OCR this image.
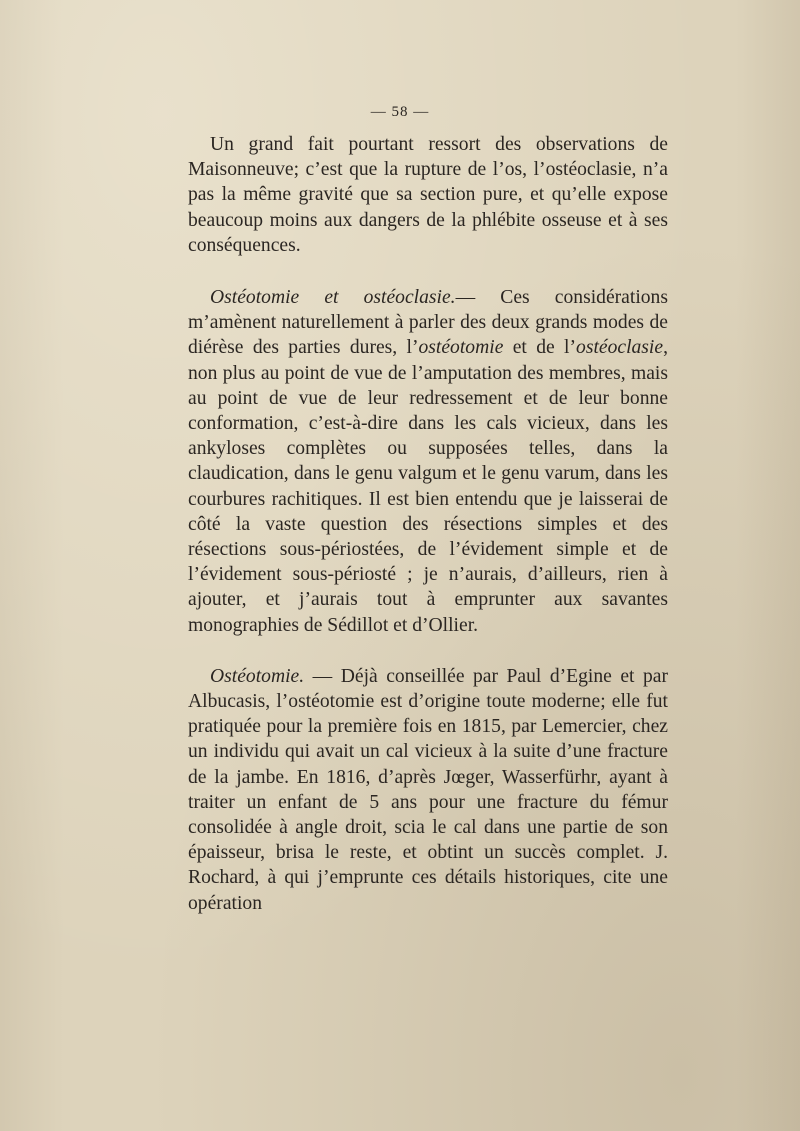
— 58 —

Un grand fait pourtant ressort des observations de Maisonneuve; c’est que la rupture de l’os, l’ostéoclasie, n’a pas la même gravité que sa section pure, et qu’elle expose beaucoup moins aux dangers de la phlébite osseuse et à ses conséquences.

Ostéotomie et ostéoclasie.— Ces considérations m’amènent naturellement à parler des deux grands modes de diérèse des parties dures, l’ostéotomie et de l’ostéoclasie, non plus au point de vue de l’amputation des membres, mais au point de vue de leur redressement et de leur bonne conformation, c’est-à-dire dans les cals vicieux, dans les ankyloses complètes ou supposées telles, dans la claudication, dans le genu valgum et le genu varum, dans les courbures rachitiques. Il est bien entendu que je laisserai de côté la vaste question des résections simples et des résections sous-périostées, de l’évidement simple et de l’évidement sous-périosté ; je n’aurais, d’ailleurs, rien à ajouter, et j’aurais tout à emprunter aux savantes monographies de Sédillot et d’Ollier.

Ostéotomie. — Déjà conseillée par Paul d’Egine et par Albucasis, l’ostéotomie est d’origine toute moderne; elle fut pratiquée pour la première fois en 1815, par Lemercier, chez un individu qui avait un cal vicieux à la suite d’une fracture de la jambe. En 1816, d’après Jœger, Wasserfürhr, ayant à traiter un enfant de 5 ans pour une fracture du fémur consolidée à angle droit, scia le cal dans une partie de son épaisseur, brisa le reste, et obtint un succès complet. J. Rochard, à qui j’emprunte ces détails historiques, cite une opération
